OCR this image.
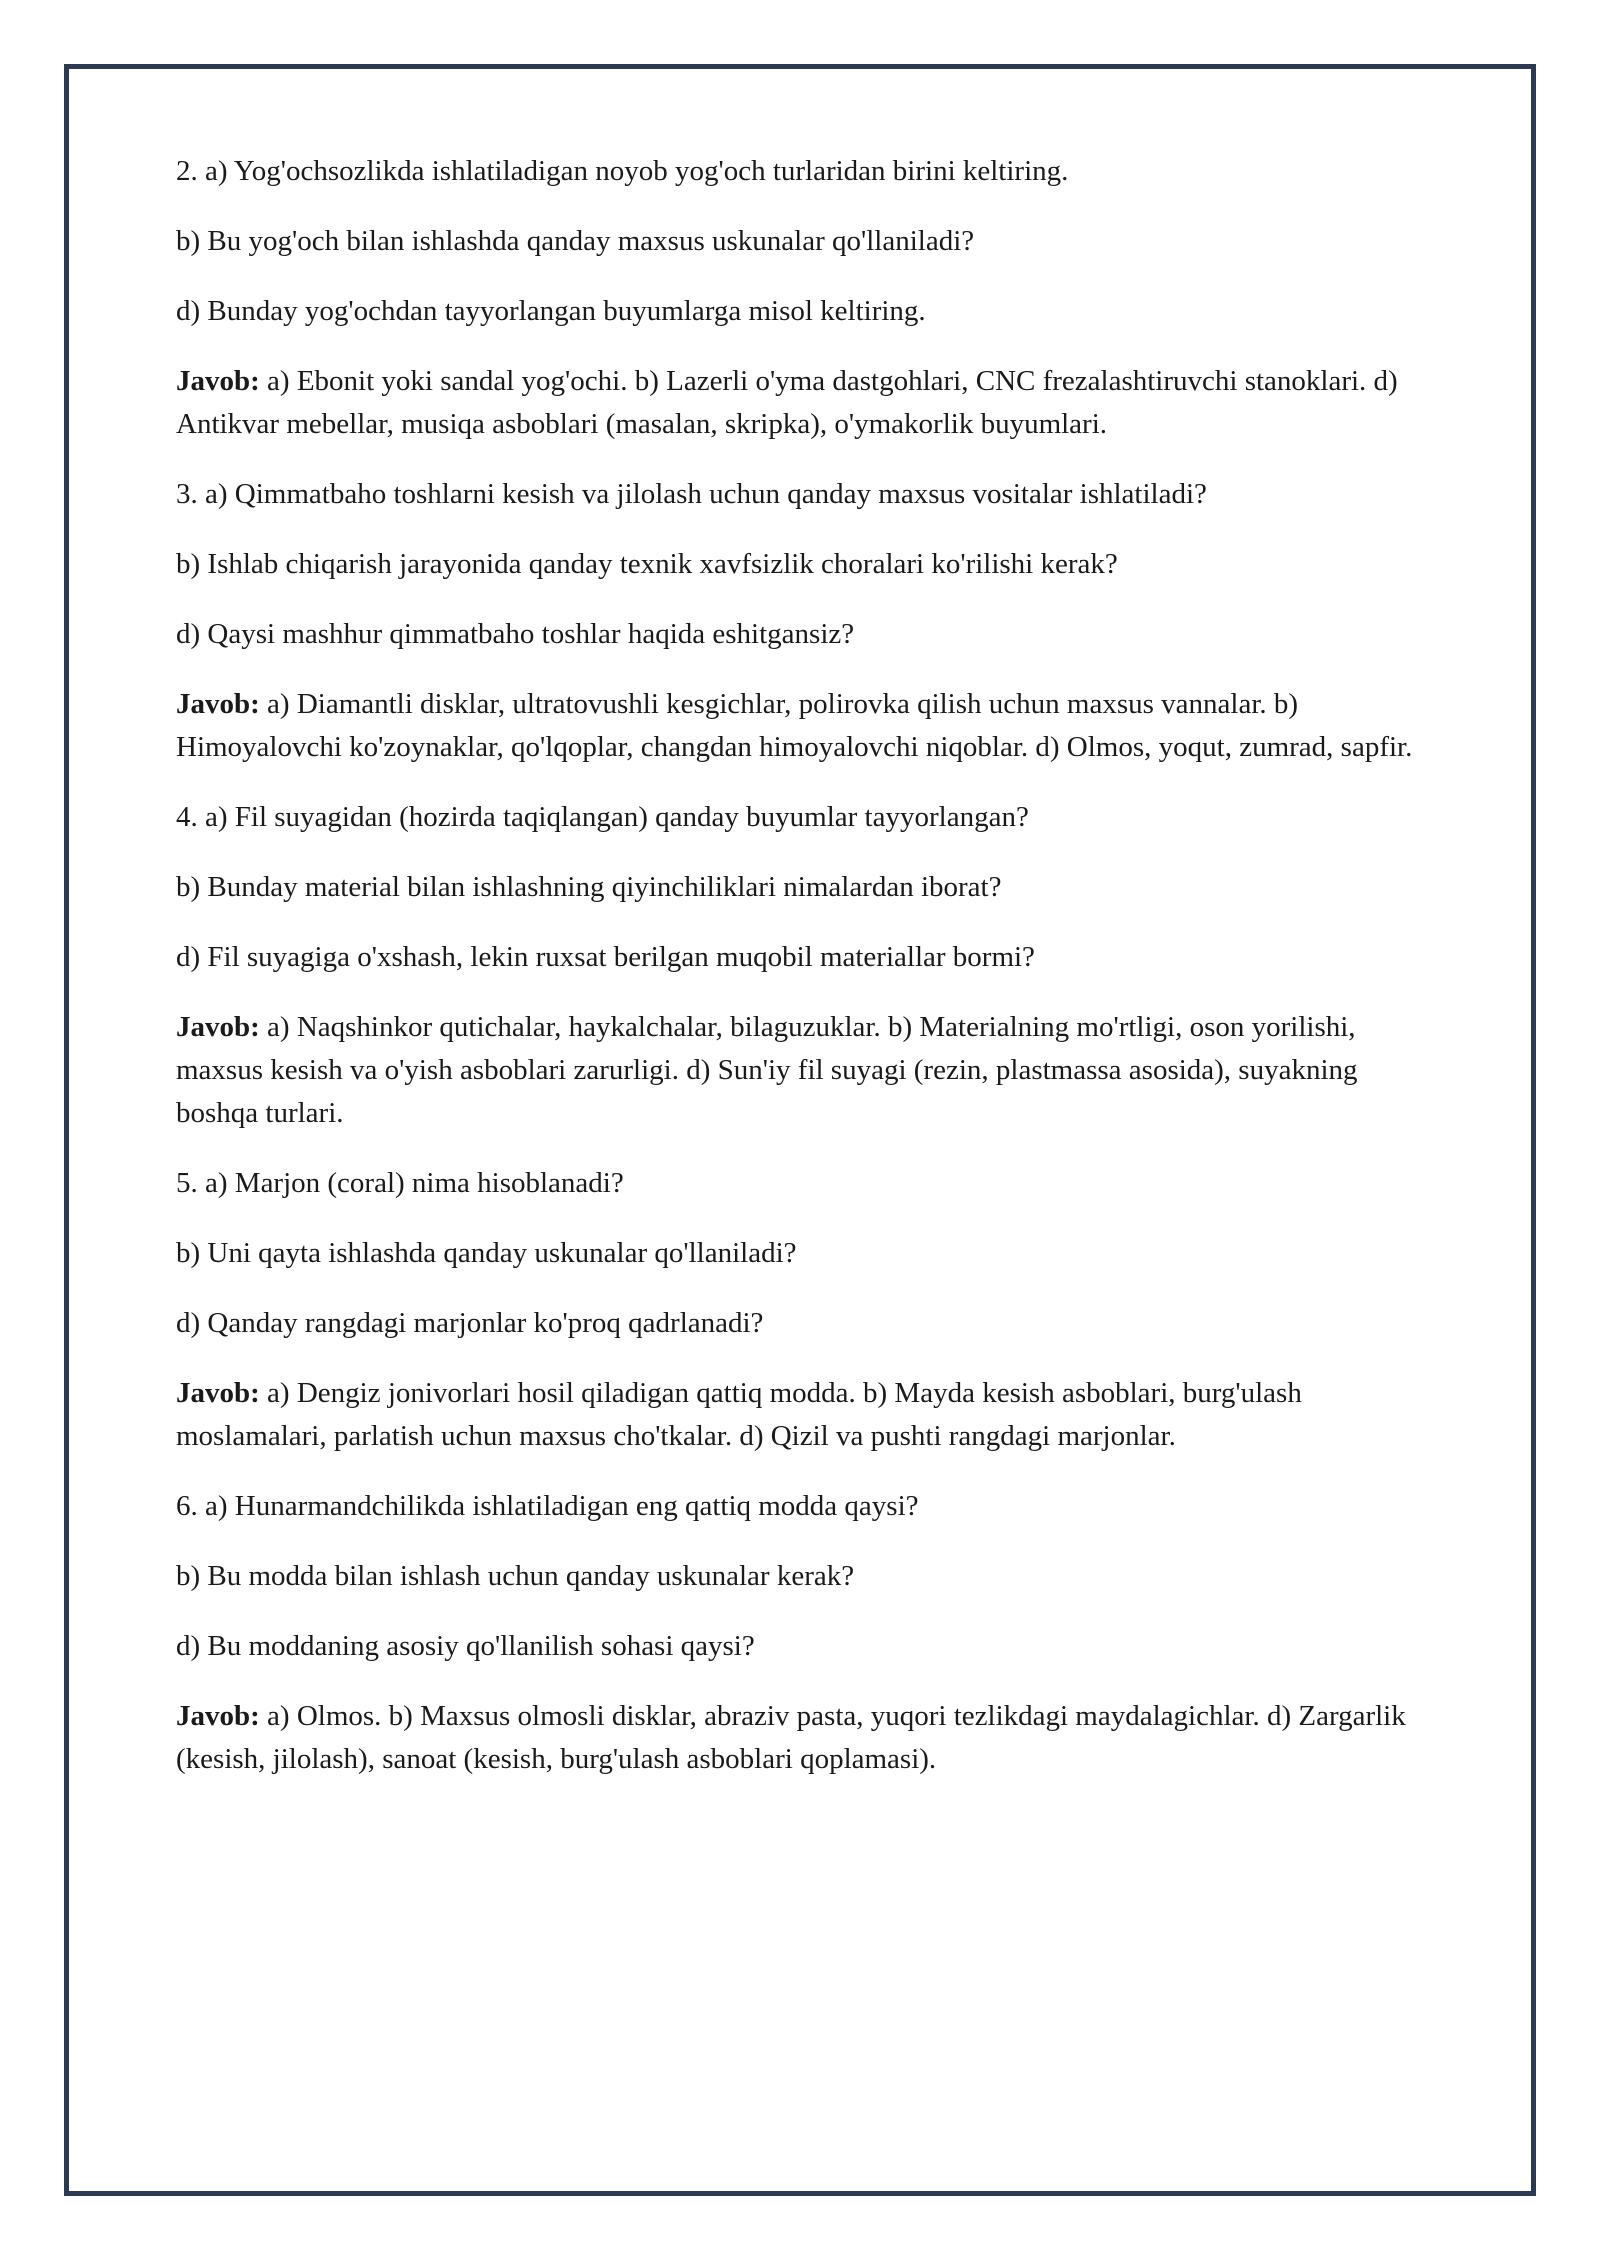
2. a) Yog'ochsozlikda ishlatiladigan noyob yog'och turlaridan birini keltiring.

b) Bu yog'och bilan ishlashda qanday maxsus uskunalar qo'llaniladi?

d) Bunday yog'ochdan tayyorlangan buyumlarga misol keltiring.

Javob: a) Ebonit yoki sandal yog'ochi. b) Lazerli o'yma dastgohlari, CNC frezalashtiruvchi stanoklari. d) Antikvar mebellar, musiqa asboblari (masalan, skripka), o'ymakorlik buyumlari.

3. a) Qimmatbaho toshlarni kesish va jilolash uchun qanday maxsus vositalar ishlatiladi?

b) Ishlab chiqarish jarayonida qanday texnik xavfsizlik choralari ko'rilishi kerak?

d) Qaysi mashhur qimmatbaho toshlar haqida eshitgansiz?

Javob: a) Diamantli disklar, ultratovushli kesgichlar, polirovka qilish uchun maxsus vannalar. b) Himoyalovchi ko'zoynaklar, qo'lqoplar, changdan himoyalovchi niqoblar. d) Olmos, yoqut, zumrad, sapfir.

4. a) Fil suyagidan (hozirda taqiqlangan) qanday buyumlar tayyorlangan?

b) Bunday material bilan ishlashning qiyinchiliklari nimalardan iborat?

d) Fil suyagiga o'xshash, lekin ruxsat berilgan muqobil materiallar bormi?

Javob: a) Naqshinkor qutichalar, haykalchalar, bilaguzuklar. b) Materialning mo'rtligi, oson yorilishi, maxsus kesish va o'yish asboblari zarurligi. d) Sun'iy fil suyagi (rezin, plastmassa asosida), suyakning boshqa turlari.

5. a) Marjon (coral) nima hisoblanadi?

b) Uni qayta ishlashda qanday uskunalar qo'llaniladi?

d) Qanday rangdagi marjonlar ko'proq qadrlanadi?

Javob: a) Dengiz jonivorlari hosil qiladigan qattiq modda. b) Mayda kesish asboblari, burg'ulash moslamalari, parlatish uchun maxsus cho'tkalar. d) Qizil va pushti rangdagi marjonlar.

6. a) Hunarmandchilikda ishlatiladigan eng qattiq modda qaysi?

b) Bu modda bilan ishlash uchun qanday uskunalar kerak?

d) Bu moddaning asosiy qo'llanilish sohasi qaysi?

Javob: a) Olmos. b) Maxsus olmosli disklar, abraziv pasta, yuqori tezlikdagi maydalagichlar. d) Zargarlik (kesish, jilolash), sanoat (kesish, burg'ulash asboblari qoplamasi).
